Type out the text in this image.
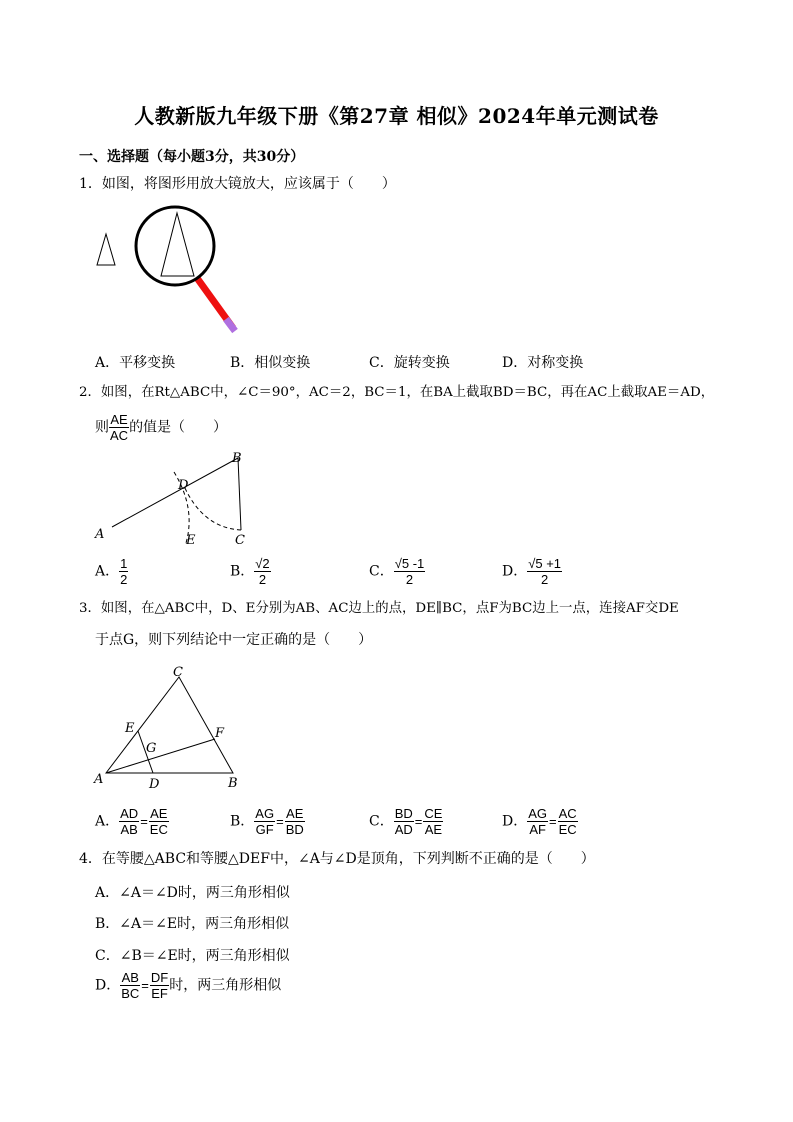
人教新版九年级下册《第27章 相似》2024年单元测试卷
一、选择题（每小题3分，共30分）
1．如图，将图形用放大镜放大，应该属于（　　）
A．平移变换	B．相似变换	C．旋转变换	D．对称变换
2．如图，在Rt△ABC中，∠C＝90°，AC＝2，BC＝1，在BA上截取BD＝BC，再在AC上截取AE＝AD，
则 $\frac{AE}{AC}$ 的值是（　　）
B
D
A	E	C
A． $\frac{1}{2}$	B． $\frac{√2}{2}$	C． $\frac{√5 -1}{2}$	D． $\frac{√5 +1}{2}$
3．如图，在△ABC中，D、E分别为AB、AC边上的点，DE∥BC，点F为BC边上一点，连接AF交DE
于点G，则下列结论中一定正确的是（　　）
C
E	F
G
A	D	B
A． $\frac{AD}{AB} = \frac{AE}{EC}$	B． $\frac{AG}{GF} = \frac{AE}{BD}$	C． $\frac{BD}{AD} = \frac{CE}{AE}$	D． $\frac{AG}{AF} = \frac{AC}{EC}$
4．在等腰△ABC和等腰△DEF中，∠A与∠D是顶角，下列判断不正确的是（　　）
A．∠A＝∠D时，两三角形相似
B．∠A＝∠E时，两三角形相似
C．∠B＝∠E时，两三角形相似
D． $\frac{AB}{BC} = \frac{DF}{EF}$ 时，两三角形相似
